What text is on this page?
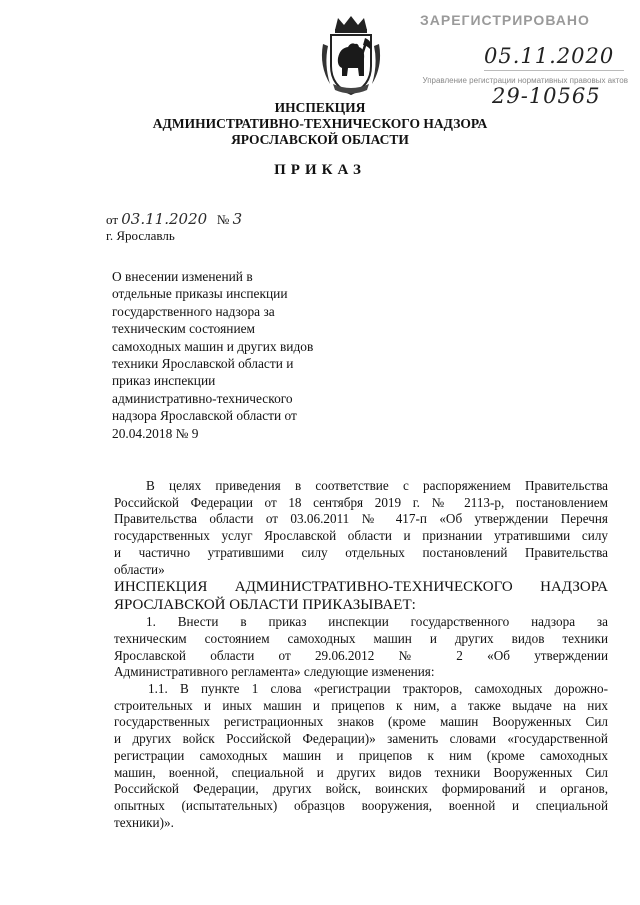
ЗАРЕГИСТРИРОВАНО
05.11.2020
Управление регистрации нормативных правовых актов
29-10565
ИНСПЕКЦИЯ
АДМИНИСТРАТИВНО-ТЕХНИЧЕСКОГО НАДЗОРА
ЯРОСЛАВСКОЙ ОБЛАСТИ
ПРИКАЗ
от 03.11.2020 № 3
г. Ярославль
О внесении изменений в
отдельные приказы инспекции
государственного надзора за
техническим состоянием
самоходных машин и других видов
техники Ярославской области и
приказ инспекции
административно-технического
надзора Ярославской области от
20.04.2018 № 9
В целях приведения в соответствие с распоряжением Правительства
Российской Федерации от 18 сентября 2019 г. № 2113-р, постановлением
Правительства области от 03.06.2011 № 417-п «Об утверждении Перечня
государственных услуг Ярославской области и признании утратившими силу
и частично утратившими силу отдельных постановлений Правительства
области»
ИНСПЕКЦИЯ АДМИНИСТРАТИВНО-ТЕХНИЧЕСКОГО НАДЗОРА
ЯРОСЛАВСКОЙ ОБЛАСТИ ПРИКАЗЫВАЕТ:
1. Внести в приказ инспекции государственного надзора за
техническим состоянием самоходных машин и других видов техники
Ярославской области от 29.06.2012 № 2 «Об утверждении
Административного регламента» следующие изменения:
1.1. В пункте 1 слова «регистрации тракторов, самоходных дорожно-
строительных и иных машин и прицепов к ним, а также выдаче на них
государственных регистрационных знаков (кроме машин Вооруженных Сил
и других войск Российской Федерации)» заменить словами «государственной
регистрации самоходных машин и прицепов к ним (кроме самоходных
машин, военной, специальной и других видов техники Вооруженных Сил
Российской Федерации, других войск, воинских формирований и органов,
опытных (испытательных) образцов вооружения, военной и специальной
техники)».
